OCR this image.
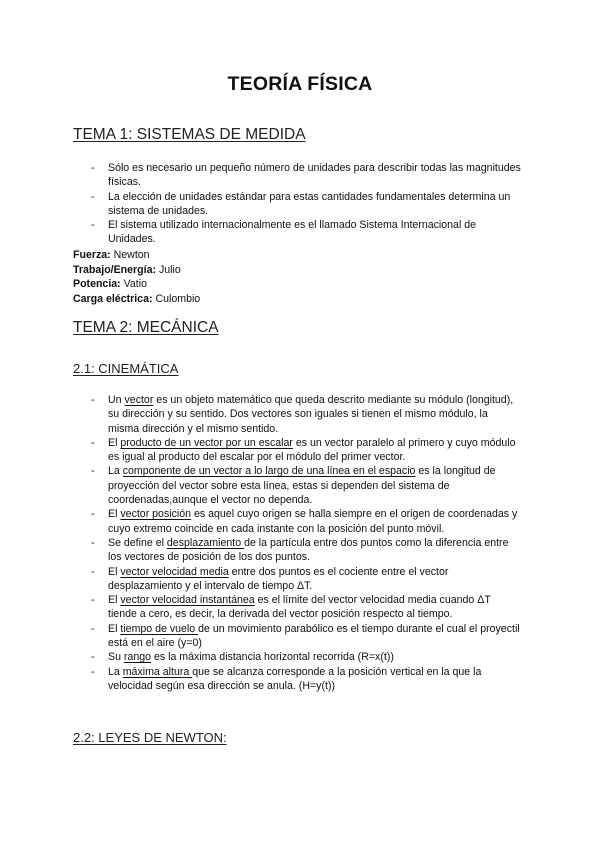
TEORÍA FÍSICA
TEMA 1: SISTEMAS DE MEDIDA
- Sólo es necesario un pequeño número de unidades para describir todas las magnitudes físicas.
- La elección de unidades estándar para estas cantidades fundamentales determina un sistema de unidades.
- El sistema utilizado internacionalmente es el llamado Sistema Internacional de Unidades.
Fuerza: Newton
Trabajo/Energía: Julio
Potencia: Vatio
Carga eléctrica: Culombio
TEMA 2: MECÁNICA
2.1: CINEMÁTICA
- Un vector es un objeto matemático que queda descrito mediante su módulo (longitud), su dirección y su sentido. Dos vectores son iguales si tienen el mismo módulo, la misma dirección y el mismo sentido.
- El producto de un vector por un escalar es un vector paralelo al primero y cuyo módulo es igual al producto del escalar por el módulo del primer vector.
- La componente de un vector a lo largo de una línea en el espacio es la longitud de proyección del vector sobre esta línea, estas si dependen del sistema de coordenadas,aunque el vector no dependa.
- El vector posición es aquel cuyo origen se halla siempre en el origen de coordenadas y cuyo extremo coincide en cada instante con la posición del punto móvil.
- Se define el desplazamiento de la partícula entre dos puntos como la diferencia entre los vectores de posición de los dos puntos.
- El vector velocidad media entre dos puntos es el cociente entre el vector desplazamiento y el intervalo de tiempo ΔT.
- El vector velocidad instantánea es el límite del vector velocidad media cuando ΔT tiende a cero, es decir, la derivada del vector posición respecto al tiempo.
- El tiempo de vuelo de un movimiento parabólico es el tiempo durante el cual el proyectil está en el aire (y=0)
- Su rango es la máxima distancia horizontal recorrida (R=x(t))
- La máxima altura que se alcanza corresponde a la posición vertical en la que la velocidad según esa dirección se anula. (H=y(t))
2.2: LEYES DE NEWTON:
